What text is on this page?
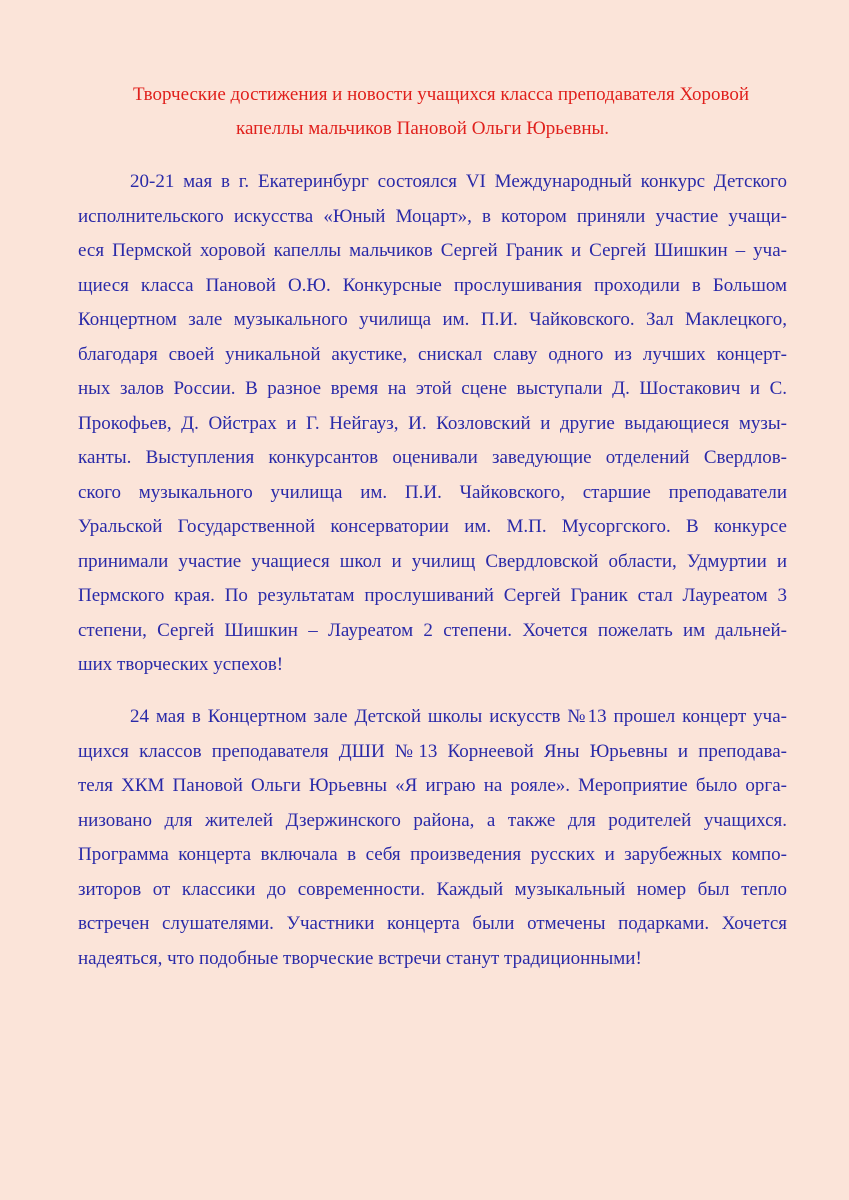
Творческие достижения и новости учащихся класса преподавателя Хоровой
капеллы мальчиков Пановой Ольги Юрьевны.
20-21 мая в г. Екатеринбург состоялся VI Международный конкурс Детского
исполнительского искусства «Юный Моцарт», в котором приняли участие учащи-
еся Пермской хоровой капеллы мальчиков Сергей Граник и Сергей Шишкин – уча-
щиеся класса Пановой О.Ю. Конкурсные прослушивания проходили в Большом
Концертном зале музыкального училища им. П.И. Чайковского. Зал Маклецкого,
благодаря своей уникальной акустике, снискал славу одного из лучших концерт-
ных залов России. В разное время на этой сцене выступали Д. Шостакович и С.
Прокофьев, Д. Ойстрах и Г. Нейгауз, И. Козловский и другие выдающиеся музы-
канты. Выступления конкурсантов оценивали заведующие отделений Свердлов-
ского музыкального училища им. П.И. Чайковского, старшие преподаватели
Уральской Государственной консерватории им. М.П. Мусоргского. В конкурсе
принимали участие учащиеся школ и училищ Свердловской области, Удмуртии и
Пермского края. По результатам прослушиваний Сергей Граник стал Лауреатом 3
степени, Сергей Шишкин – Лауреатом 2 степени. Хочется пожелать им дальней-
ших творческих успехов!
24 мая в Концертном зале Детской школы искусств №13 прошел концерт уча-
щихся классов преподавателя ДШИ №13 Корнеевой Яны Юрьевны и преподава-
теля ХКМ Пановой Ольги Юрьевны «Я играю на рояле». Мероприятие было орга-
низовано для жителей Дзержинского района, а также для родителей учащихся.
Программа концерта включала в себя произведения русских и зарубежных компо-
зиторов от классики до современности. Каждый музыкальный номер был тепло
встречен слушателями. Участники концерта были отмечены подарками. Хочется
надеяться, что подобные творческие встречи станут традиционными!
